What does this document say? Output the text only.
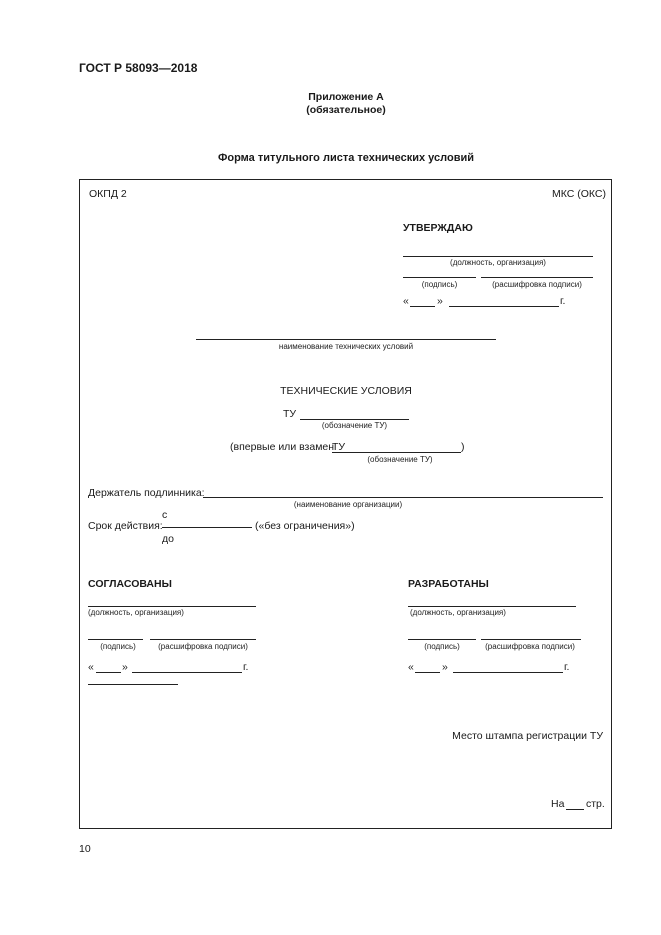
ГОСТ Р 58093—2018
Приложение А
(обязательное)
Форма титульного листа технических условий
ОКПД 2	МКС (ОКС)
УТВЕРЖДАЮ
(должность, организация)
(подпись)	(расшифровка подписи)
«	»	г.
наименование технических условий
ТЕХНИЧЕСКИЕ УСЛОВИЯ
ТУ
(обозначение ТУ)
(впервые или взамен
ТУ	)
(обозначение ТУ)
Держатель подлинника:
(наименование организации)
с
Срок действия:	(«без ограничения»)
до
СОГЛАСОВАНЫ
(должность, организация)
(подпись)	(расшифровка подписи)
«	»	г.
РАЗРАБОТАНЫ
(должность, организация)
(подпись)	(расшифровка подписи)
«	»	г.
Место штампа регистрации ТУ
На стр.
10
